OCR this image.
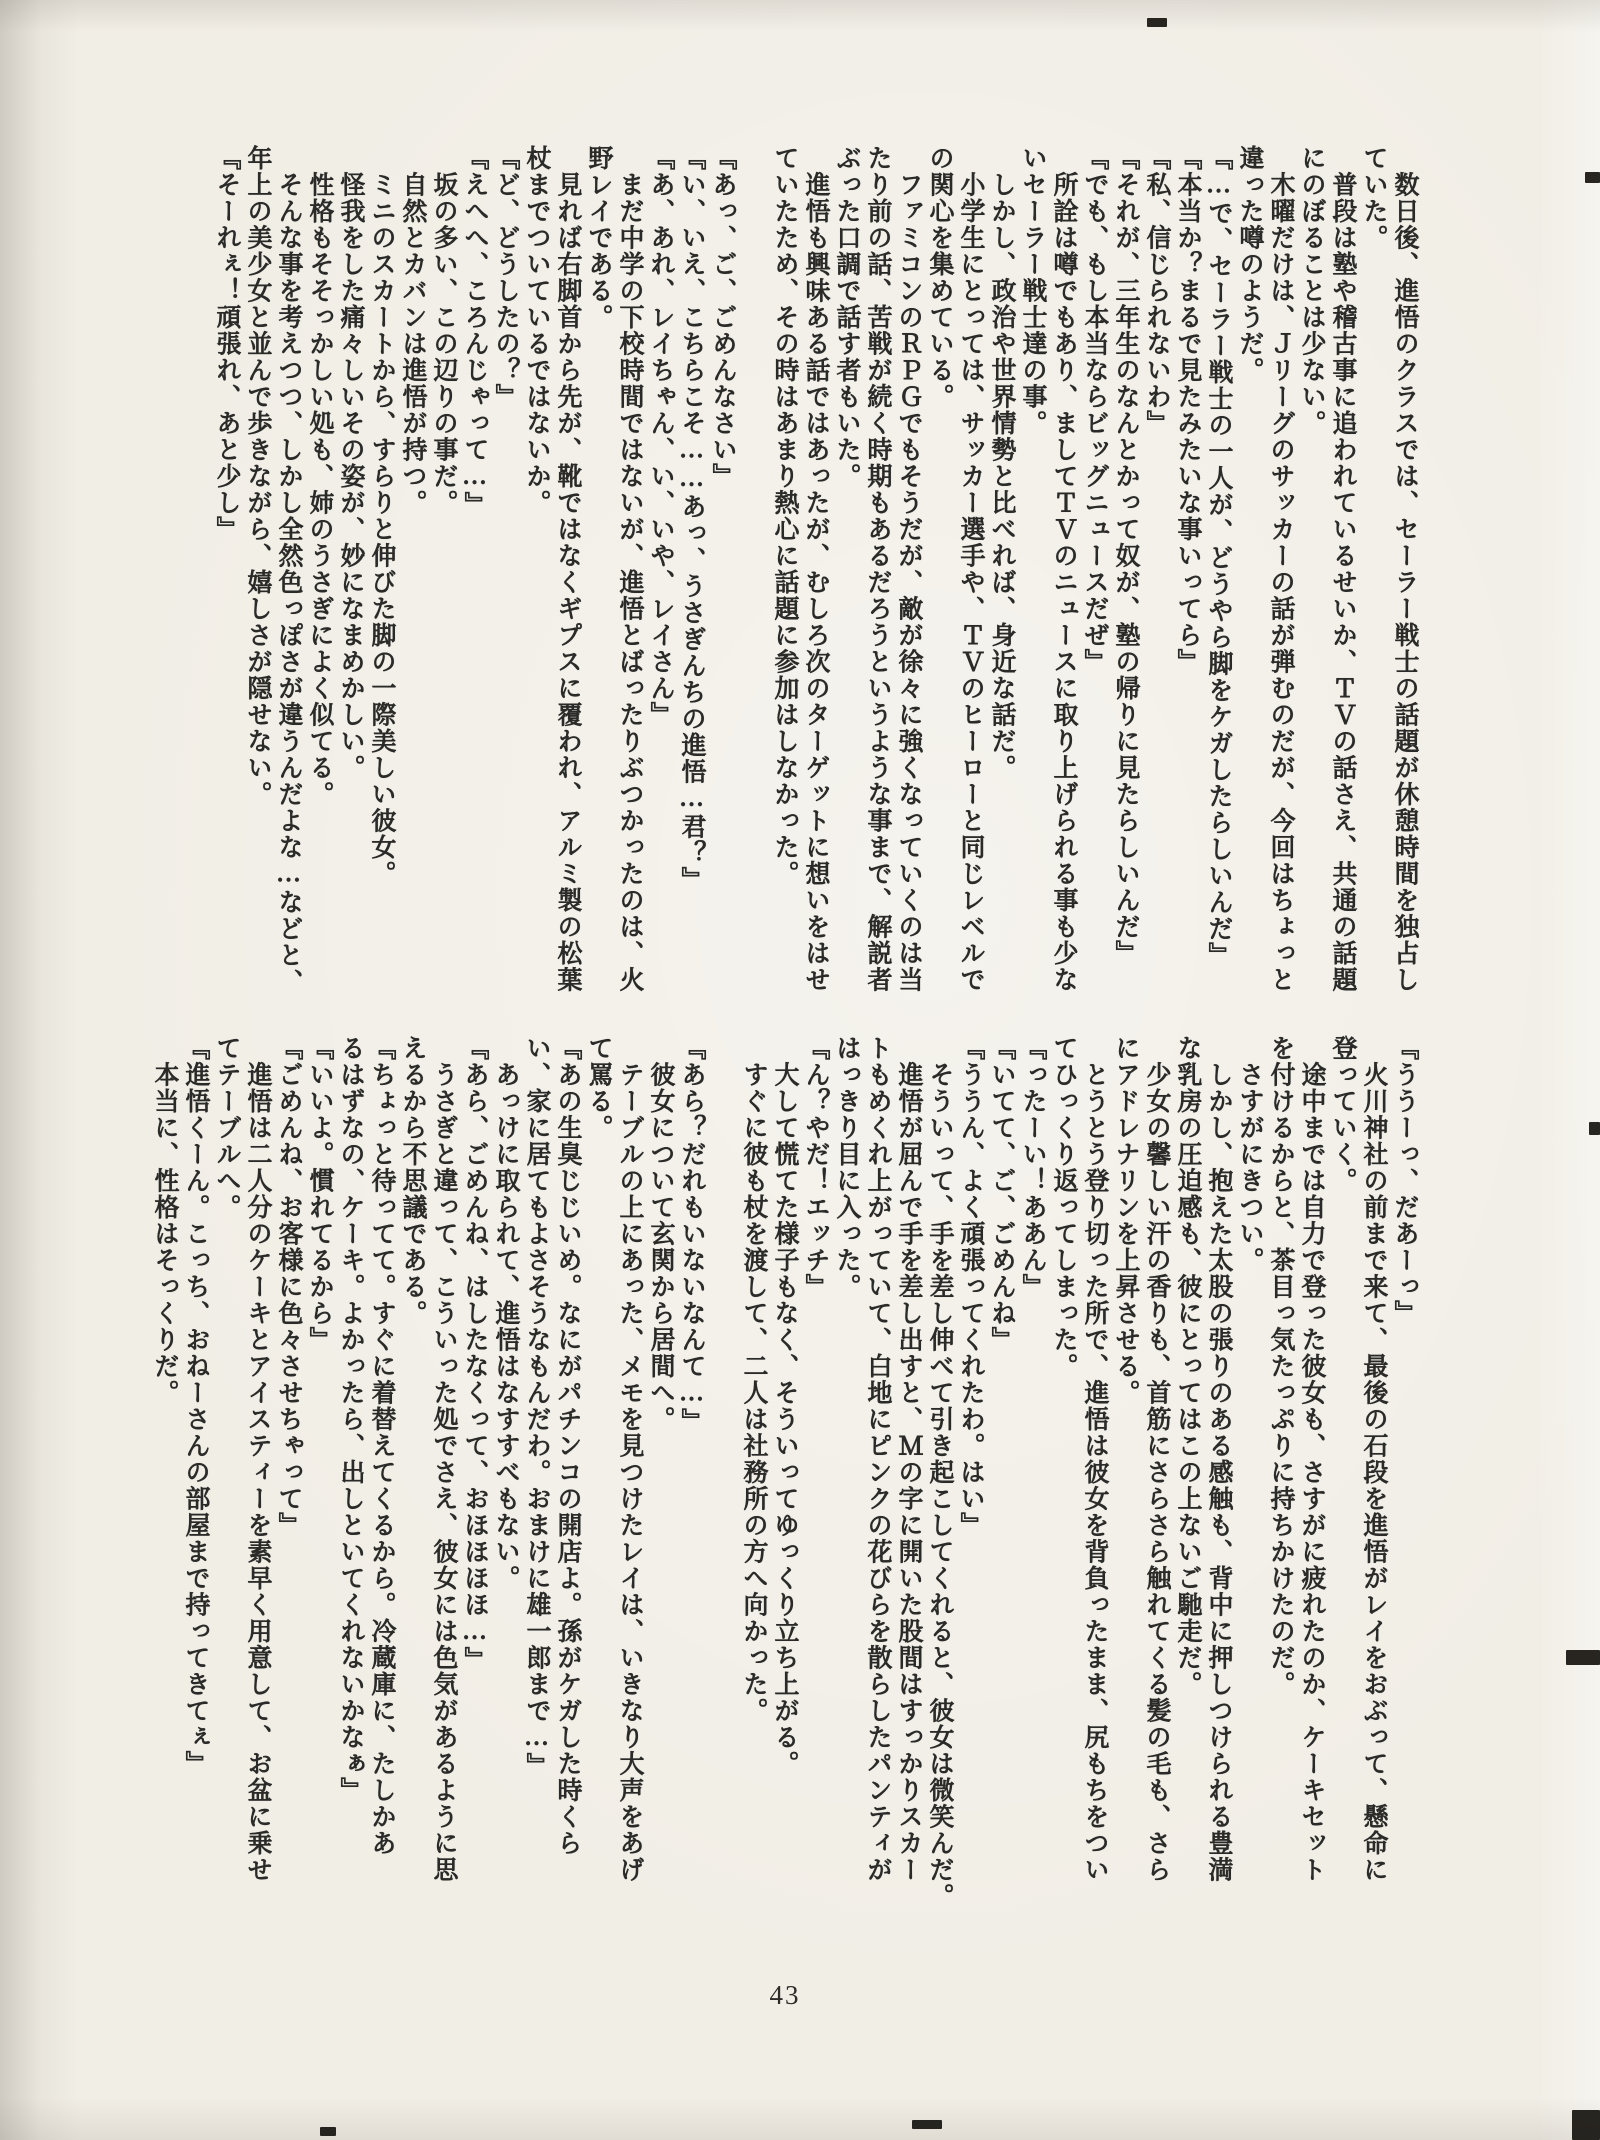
　数日後、進悟のクラスでは、セーラー戦士の話題が休憩時間を独占し
ていた。
　普段は塾や稽古事に追われているせいか、ＴＶの話さえ、共通の話題
にのぼることは少ない。
　木曜だけは、Ｊリーグのサッカーの話が弾むのだが、今回はちょっと
違った噂のようだ。
『…で、セーラー戦士の一人が、どうやら脚をケガしたらしいんだ』
『本当か？まるで見たみたいな事いってら』
『私、信じられないわ』
『それが、三年生のなんとかって奴が、塾の帰りに見たらしいんだ』
『でも、もし本当ならビッグニュースだぜ』
　所詮は噂でもあり、ましてＴＶのニュースに取り上げられる事も少な
いセーラー戦士達の事。
　しかし、政治や世界情勢と比べれば、身近な話だ。
　小学生にとっては、サッカー選手や、ＴＶのヒーローと同じレベルで
の関心を集めている。
　ファミコンのＲＰＧでもそうだが、敵が徐々に強くなっていくのは当
たり前の話、苦戦が続く時期もあるだろうというような事まで、解説者
ぶった口調で話す者もいた。
　進悟も興味ある話ではあったが、むしろ次のターゲットに想いをはせ
ていたため、その時はあまり熱心に話題に参加はしなかった。
『あっ、ご、ごめんなさい』
『い、いえ、こちらこそ……あっ、うさぎんちの進悟…君？』
『あ、あれ、レイちゃん、い、いや、レイさん』
　まだ中学の下校時間ではないが、進悟とばったりぶつかったのは、火
野レイである。
　見れば右脚首から先が、靴ではなくギプスに覆われ、アルミ製の松葉
杖までついているではないか。
『ど、どうしたの？』
『えへへ、ころんじゃって…』
　坂の多い、この辺りの事だ。
　自然とカバンは進悟が持つ。
　ミニのスカートから、すらりと伸びた脚の一際美しい彼女。
　怪我をした痛々しいその姿が、妙になまめかしい。
　性格もそそっかしい処も、姉のうさぎによく似てる。
　そんな事を考えつつ、しかし全然色っぽさが違うんだよな…などと、
年上の美少女と並んで歩きながら、嬉しさが隠せない。
『そーれぇ！頑張れ、あと少し』
『ううーっ、だあーっ』
　火川神社の前まで来て、最後の石段を進悟がレイをおぶって、懸命に
登っていく。
　途中までは自力で登った彼女も、さすがに疲れたのか、ケーキセット
を付けるからと、茶目っ気たっぷりに持ちかけたのだ。
　さすがにきつい。
　しかし、抱えた太股の張りのある感触も、背中に押しつけられる豊満
な乳房の圧迫感も、彼にとってはこの上ないご馳走だ。
　少女の馨しい汗の香りも、首筋にさらさら触れてくる髪の毛も、さら
にアドレナリンを上昇させる。
　とうとう登り切った所で、進悟は彼女を背負ったまま、尻もちをつい
てひっくり返ってしまった。
『ったーい！ああん』
『いてて、ご、ごめんね』
『ううん、よく頑張ってくれたわ。はい』
　そういって、手を差し伸べて引き起こしてくれると、彼女は微笑んだ。
　進悟が屈んで手を差し出すと、Ｍの字に開いた股間はすっかりスカー
トもめくれ上がっていて、白地にピンクの花びらを散らしたパンティが
はっきり目に入った。
『ん？やだ！エッチ』
　大して慌てた様子もなく、そういってゆっくり立ち上がる。
　すぐに彼も杖を渡して、二人は社務所の方へ向かった。
『あら？だれもいないなんて…』
　彼女について玄関から居間へ。
　テーブルの上にあった、メモを見つけたレイは、いきなり大声をあげ
て罵る。
『あの生臭じじいめ。なにがパチンコの開店よ。孫がケガした時くら
い、家に居てもよさそうなもんだわ。おまけに雄一郎まで…』
　あっけに取られて、進悟はなすすべもない。
『あら、ごめんね、はしたなくって、おほほほほ…』
　うさぎと違って、こういった処でさえ、彼女には色気があるように思
えるから不思議である。
『ちょっと待ってて。すぐに着替えてくるから。冷蔵庫に、たしかあ
るはずなの、ケーキ。よかったら、出しといてくれないかなぁ』
『いいよ。慣れてるから』
『ごめんね、お客様に色々させちゃって』
　進悟は二人分のケーキとアイスティーを素早く用意して、お盆に乗せ
てテーブルへ。
『進悟くーん。こっち、おねーさんの部屋まで持ってきてぇ』
　本当に、性格はそっくりだ。
43
